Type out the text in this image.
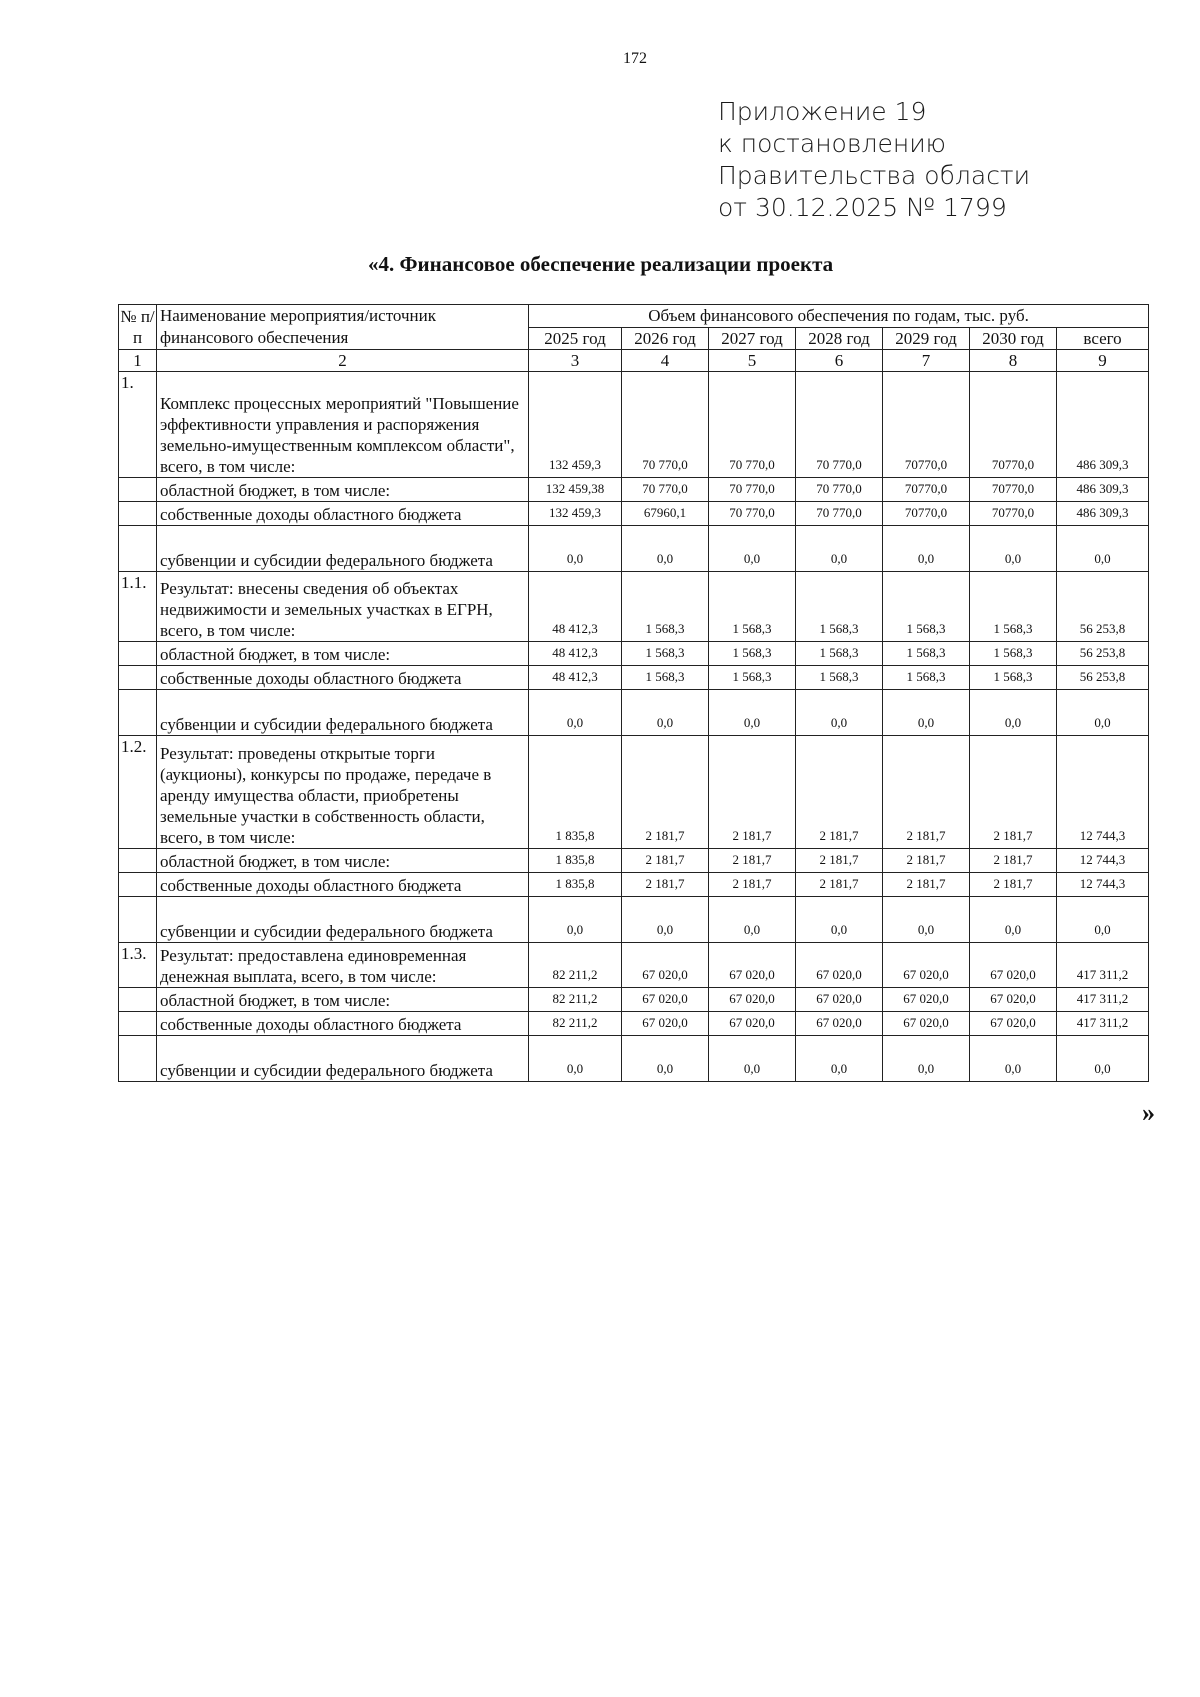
172
Приложение 19
к постановлению
Правительства области
от 30.12.2025 № 1799
«4. Финансовое обеспечение реализации проекта
№ п/п	Наименование мероприятия/источник финансового обеспечения	Объем финансового обеспечения по годам, тыс. руб.						
		2025 год	2026 год	2027 год	2028 год	2029 год	2030 год	всего
1	2	3	4	5	6	7	8	9
1.	Комплекс процессных мероприятий "Повышение эффективности управления и распоряжения земельно-имущественным комплексом области", всего, в том числе:	132 459,3	70 770,0	70 770,0	70 770,0	70770,0	70770,0	486 309,3
	областной бюджет, в том числе:	132 459,38	70 770,0	70 770,0	70 770,0	70770,0	70770,0	486 309,3
	собственные доходы областного бюджета	132 459,3	67960,1	70 770,0	70 770,0	70770,0	70770,0	486 309,3
	субвенции и субсидии федерального бюджета	0,0	0,0	0,0	0,0	0,0	0,0	0,0
1.1.	Результат: внесены сведения об объектах недвижимости и земельных участках в ЕГРН, всего, в том числе:	48 412,3	1 568,3	1 568,3	1 568,3	1 568,3	1 568,3	56 253,8
	областной бюджет, в том числе:	48 412,3	1 568,3	1 568,3	1 568,3	1 568,3	1 568,3	56 253,8
	собственные доходы областного бюджета	48 412,3	1 568,3	1 568,3	1 568,3	1 568,3	1 568,3	56 253,8
	субвенции и субсидии федерального бюджета	0,0	0,0	0,0	0,0	0,0	0,0	0,0
1.2.	Результат: проведены открытые торги (аукционы), конкурсы по продаже, передаче в аренду имущества области, приобретены земельные участки в собственность области, всего, в том числе:	1 835,8	2 181,7	2 181,7	2 181,7	2 181,7	2 181,7	12 744,3
	областной бюджет, в том числе:	1 835,8	2 181,7	2 181,7	2 181,7	2 181,7	2 181,7	12 744,3
	собственные доходы областного бюджета	1 835,8	2 181,7	2 181,7	2 181,7	2 181,7	2 181,7	12 744,3
	субвенции и субсидии федерального бюджета	0,0	0,0	0,0	0,0	0,0	0,0	0,0
1.3.	Результат: предоставлена единовременная денежная выплата, всего, в том числе:	82 211,2	67 020,0	67 020,0	67 020,0	67 020,0	67 020,0	417 311,2
	областной бюджет, в том числе:	82 211,2	67 020,0	67 020,0	67 020,0	67 020,0	67 020,0	417 311,2
	собственные доходы областного бюджета	82 211,2	67 020,0	67 020,0	67 020,0	67 020,0	67 020,0	417 311,2
	субвенции и субсидии федерального бюджета	0,0	0,0	0,0	0,0	0,0	0,0	0,0
»
